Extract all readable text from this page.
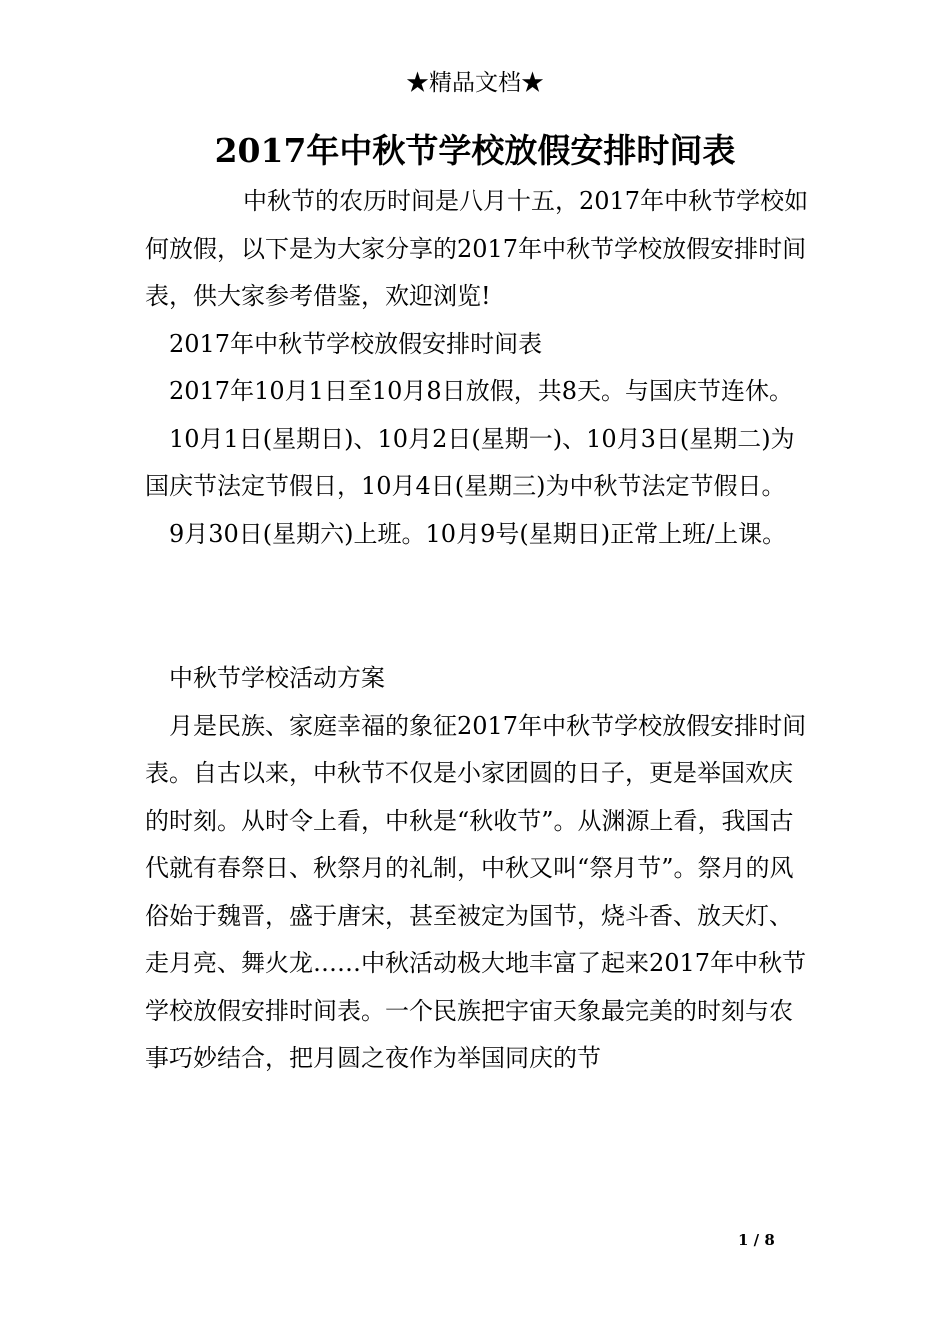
★精品文档★
2017年中秋节学校放假安排时间表

中秋节的农历时间是八月十五，2017年中秋节学校如何放假，以下是为大家分享的2017年中秋节学校放假安排时间表，供大家参考借鉴，欢迎浏览!

2017年中秋节学校放假安排时间表

2017年10月1日至10月8日放假，共8天。与国庆节连休。

10月1日(星期日)、10月2日(星期一)、10月3日(星期二)为国庆节法定节假日，10月4日(星期三)为中秋节法定节假日。

9月30日(星期六)上班。10月9号(星期日)正常上班/上课。

中秋节学校活动方案

月是民族、家庭幸福的象征2017年中秋节学校放假安排时间表。自古以来，中秋节不仅是小家团圆的日子，更是举国欢庆的时刻。从时令上看，中秋是“秋收节”。从渊源上看，我国古代就有春祭日、秋祭月的礼制，中秋又叫“祭月节”。祭月的风俗始于魏晋，盛于唐宋，甚至被定为国节，烧斗香、放天灯、走月亮、舞火龙……中秋活动极大地丰富了起来2017年中秋节学校放假安排时间表。一个民族把宇宙天象最完美的时刻与农事巧妙结合，把月圆之夜作为举国同庆的节

1 / 8
